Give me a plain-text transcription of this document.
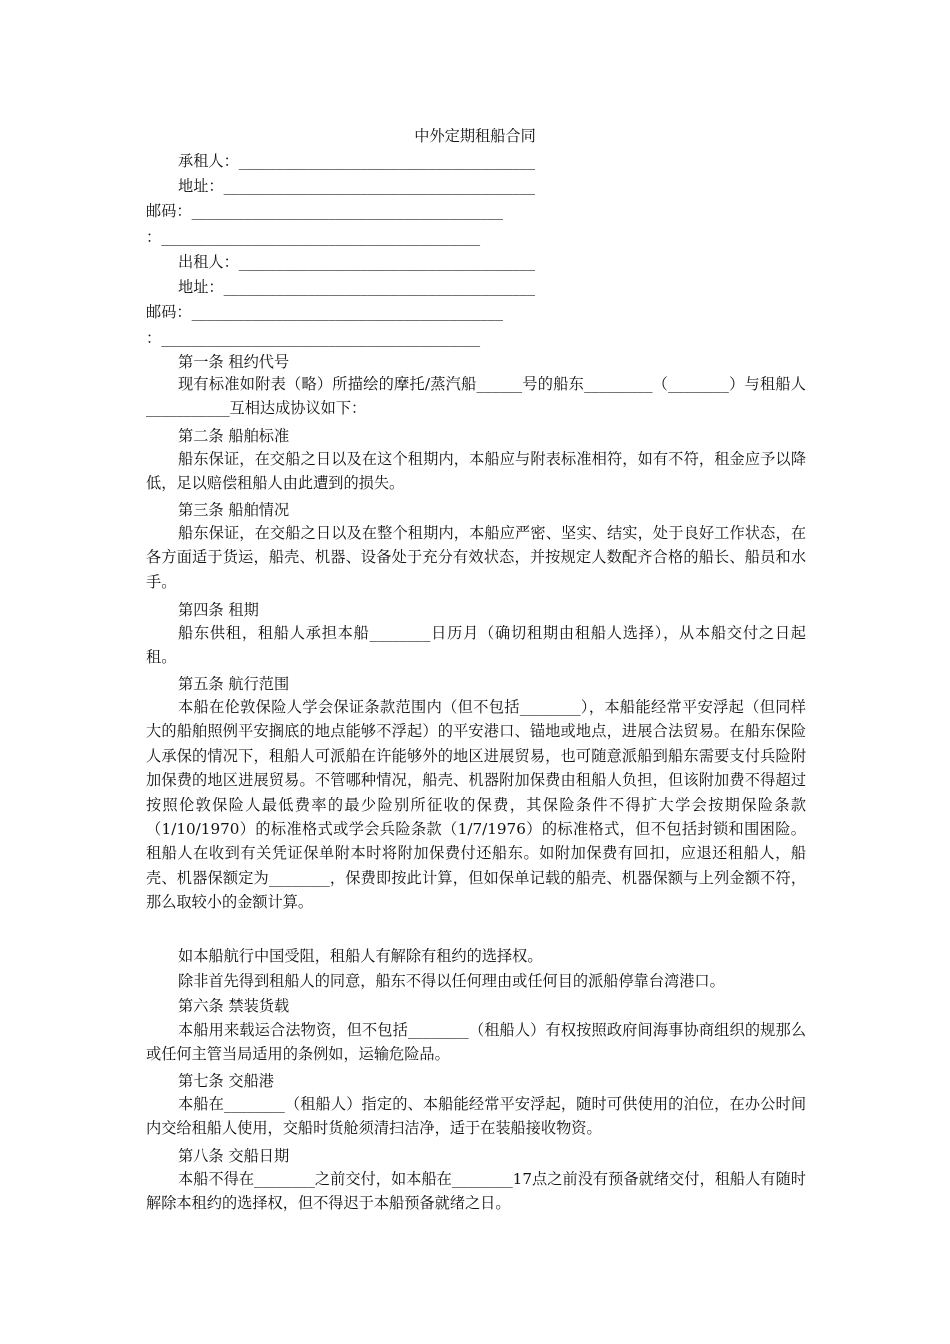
中外定期租船合同
承租人：_______________________________________
地址：_________________________________________
邮码：_________________________________________
：__________________________________________
出租人：_______________________________________
地址：_________________________________________
邮码：_________________________________________
：__________________________________________
第一条 租约代号
现有标准如附表（略）所描绘的摩托/蒸汽船______号的船东_________（________）与租船人___________互相达成协议如下：
第二条 船舶标准
船东保证，在交船之日以及在这个租期内，本船应与附表标准相符，如有不符，租金应予以降低，足以赔偿租船人由此遭到的损失。
第三条 船舶情况
船东保证，在交船之日以及在整个租期内，本船应严密、坚实、结实，处于良好工作状态，在各方面适于货运，船壳、机器、设备处于充分有效状态，并按规定人数配齐合格的船长、船员和水手。
第四条 租期
船东供租，租船人承担本船________日历月（确切租期由租船人选择），从本船交付之日起租。
第五条 航行范围
本船在伦敦保险人学会保证条款范围内（但不包括________），本船能经常平安浮起（但同样大的船舶照例平安搁底的地点能够不浮起）的平安港口、锚地或地点，进展合法贸易。在船东保险人承保的情况下，租船人可派船在许能够外的地区进展贸易，也可随意派船到船东需要支付兵险附加保费的地区进展贸易。不管哪种情况，船壳、机器附加保费由租船人负担，但该附加费不得超过按照伦敦保险人最低费率的最少险别所征收的保费，其保险条件不得扩大学会按期保险条款（1/10/1970）的标准格式或学会兵险条款（1/7/1976）的标准格式，但不包括封锁和围困险。租船人在收到有关凭证保单附本时将附加保费付还船东。如附加保费有回扣，应退还租船人，船壳、机器保额定为________，保费即按此计算，但如保单记载的船壳、机器保额与上列金额不符，那么取较小的金额计算。
如本船航行中国受阻，租船人有解除有租约的选择权。
除非首先得到租船人的同意，船东不得以任何理由或任何目的派船停靠台湾港口。
第六条 禁装货载
本船用来载运合法物资，但不包括________（租船人）有权按照政府间海事协商组织的规那么或任何主管当局适用的条例如，运输危险品。
第七条 交船港
本船在________（租船人）指定的、本船能经常平安浮起，随时可供使用的泊位，在办公时间内交给租船人使用，交船时货舱须清扫洁净，适于在装船接收物资。
第八条 交船日期
本船不得在________之前交付，如本船在________17点之前没有预备就绪交付，租船人有随时解除本租约的选择权，但不得迟于本船预备就绪之日。
